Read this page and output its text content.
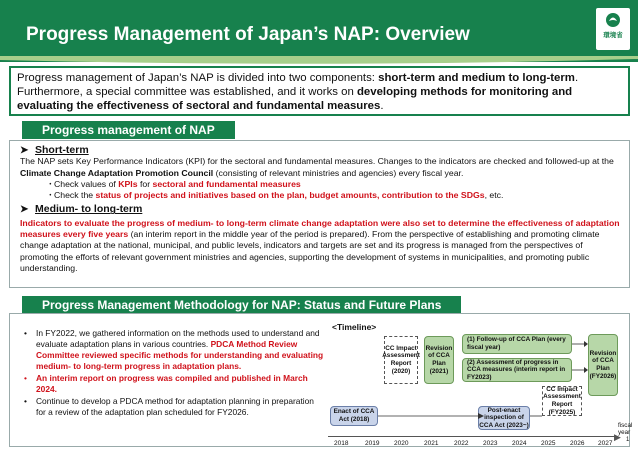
Progress Management of Japan’s NAP: Overview	環境省
Progress management of Japan’s NAP is divided into two components: short-term and medium to long-term. Furthermore, a special committee was established, and it works on developing methods for monitoring and evaluating the effectiveness of sectoral and fundamental measures.
Progress management of NAP
➤ Short-term
The NAP sets Key Performance Indicators (KPI) for the sectoral and fundamental measures. Changes to the indicators are checked and followed-up at the Climate Change Adaptation Promotion Council (consisting of relevant ministries and agencies) every fiscal year.
・ Check values of KPIs for sectoral and fundamental measures
・ Check the status of projects and initiatives based on the plan, budget amounts, contribution to the SDGs, etc.
➤ Medium- to long-term
Indicators to evaluate the progress of medium- to long-term climate change adaptation were also set to determine the effectiveness of adaptation measures every five years (an interim report in the middle year of the period is prepared). From the perspective of establishing and promoting climate change adaptation at the national, municipal, and public levels, indicators and targets are set and its progress is managed from the perspectives of promoting the efforts of relevant government ministries and agencies, supporting the development of systems in municipalities, and promoting public understanding.
Progress Management Methodology for NAP: Status and Future Plans
• In FY2022, we gathered information on the methods used to understand and evaluate adaptation plans in various countries. PDCA Method Review Committee reviewed specific methods for understanding and evaluating medium- to long-term progress in adaptation plans.
• An interim report on progress was compiled and published in March 2024.
• Continue to develop a PDCA method for adaptation planning in preparation for a review of the adaptation plan scheduled for FY2026.
<Timeline>
CC Impact Assessment Report (2020)
Revision of CCA Plan (2021)
(1) Follow-up of CCA Plan (every fiscal year)
(2) Assessment of progress in CCA measures (interim report in FY2023)
Revision of CCA Plan (FY2026)
CC Impact Assessment Report (FY2025)
Enact of CCA Act (2018)
Post-enact inspection of CCA Act (2023~)
▶
2018	2019 2020 2021 2022 2023 2024 2025 2026 2027
fiscal year
1
